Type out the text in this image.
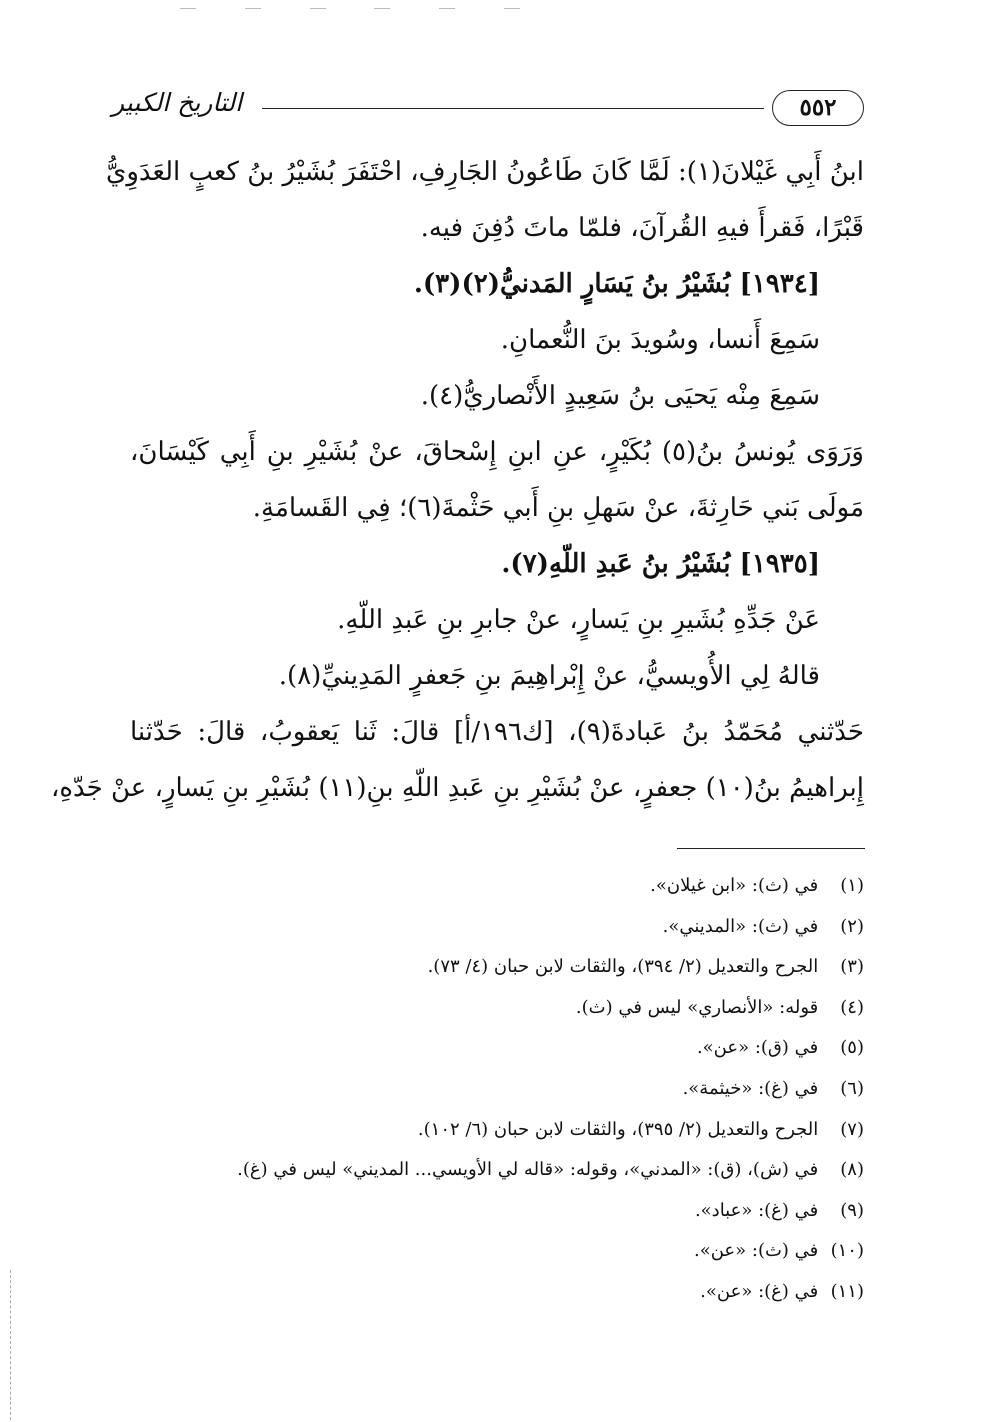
التاريخ الكبير	٥٥٢
ابنُ أَبِي غَيْلانَ(١): لَمَّا كَانَ طَاعُونُ الجَارِفِ، احْتَفَرَ بُشَيْرُ بنُ كعبٍ العَدَوِيُّ
قَبْرًا، فَقرأَ فيهِ القُرآنَ، فلمّا ماتَ دُفِنَ فيه.
[١٩٣٤] بُشَيْرُ بنُ يَسَارٍ المَدنيُّ(٢)(٣).
سَمِعَ أَنسا، وسُويدَ بنَ النُّعمانِ.
سَمِعَ مِنْه يَحيَى بنُ سَعِيدٍ الأَنْصاريُّ(٤).
وَرَوَى يُونسُ بنُ(٥) بُكَيْرٍ، عنِ ابنِ إِسْحاقَ، عنْ بُشَيْرِ بنِ أَبِي كَيْسَانَ،
مَولَى بَني حَارِثةَ، عنْ سَهلِ بنِ أَبي حَثْمةَ(٦)؛ فِي القَسامَةِ.
[١٩٣٥] بُشَيْرُ بنُ عَبدِ اللّهِ(٧).
عَنْ جَدِّهِ بُشَيرِ بنِ يَسارٍ، عنْ جابرِ بنِ عَبدِ اللّهِ.
قالهُ لِي الأُويسيُّ، عنْ إِبْراهِيمَ بنِ جَعفرٍ المَدِينيِّ(٨).
حَدّثني مُحَمّدُ بنُ عَبادةَ(٩)، [ك١٩٦/أ] قالَ: ثَنا يَعقوبُ، قالَ: حَدّثنا
إِبراهيمُ بنُ(١٠) جعفرٍ، عنْ بُشَيْرِ بنِ عَبدِ اللّهِ بنِ(١١) بُشَيْرِ بنِ يَسارٍ، عنْ جَدّهِ،
(١) في (ث): «ابن غيلان».
(٢) في (ث): «المديني».
(٣) الجرح والتعديل (٢/ ٣٩٤)، والثقات لابن حبان (٤/ ٧٣).
(٤) قوله: «الأنصاري» ليس في (ث).
(٥) في (ق): «عن».
(٦) في (غ): «خيثمة».
(٧) الجرح والتعديل (٢/ ٣٩٥)، والثقات لابن حبان (٦/ ١٠٢).
(٨) في (ش)، (ق): «المدني»، وقوله: «قاله لي الأويسي... المديني» ليس في (غ).
(٩) في (غ): «عباد».
(١٠) في (ث): «عن».
(١١) في (غ): «عن».
